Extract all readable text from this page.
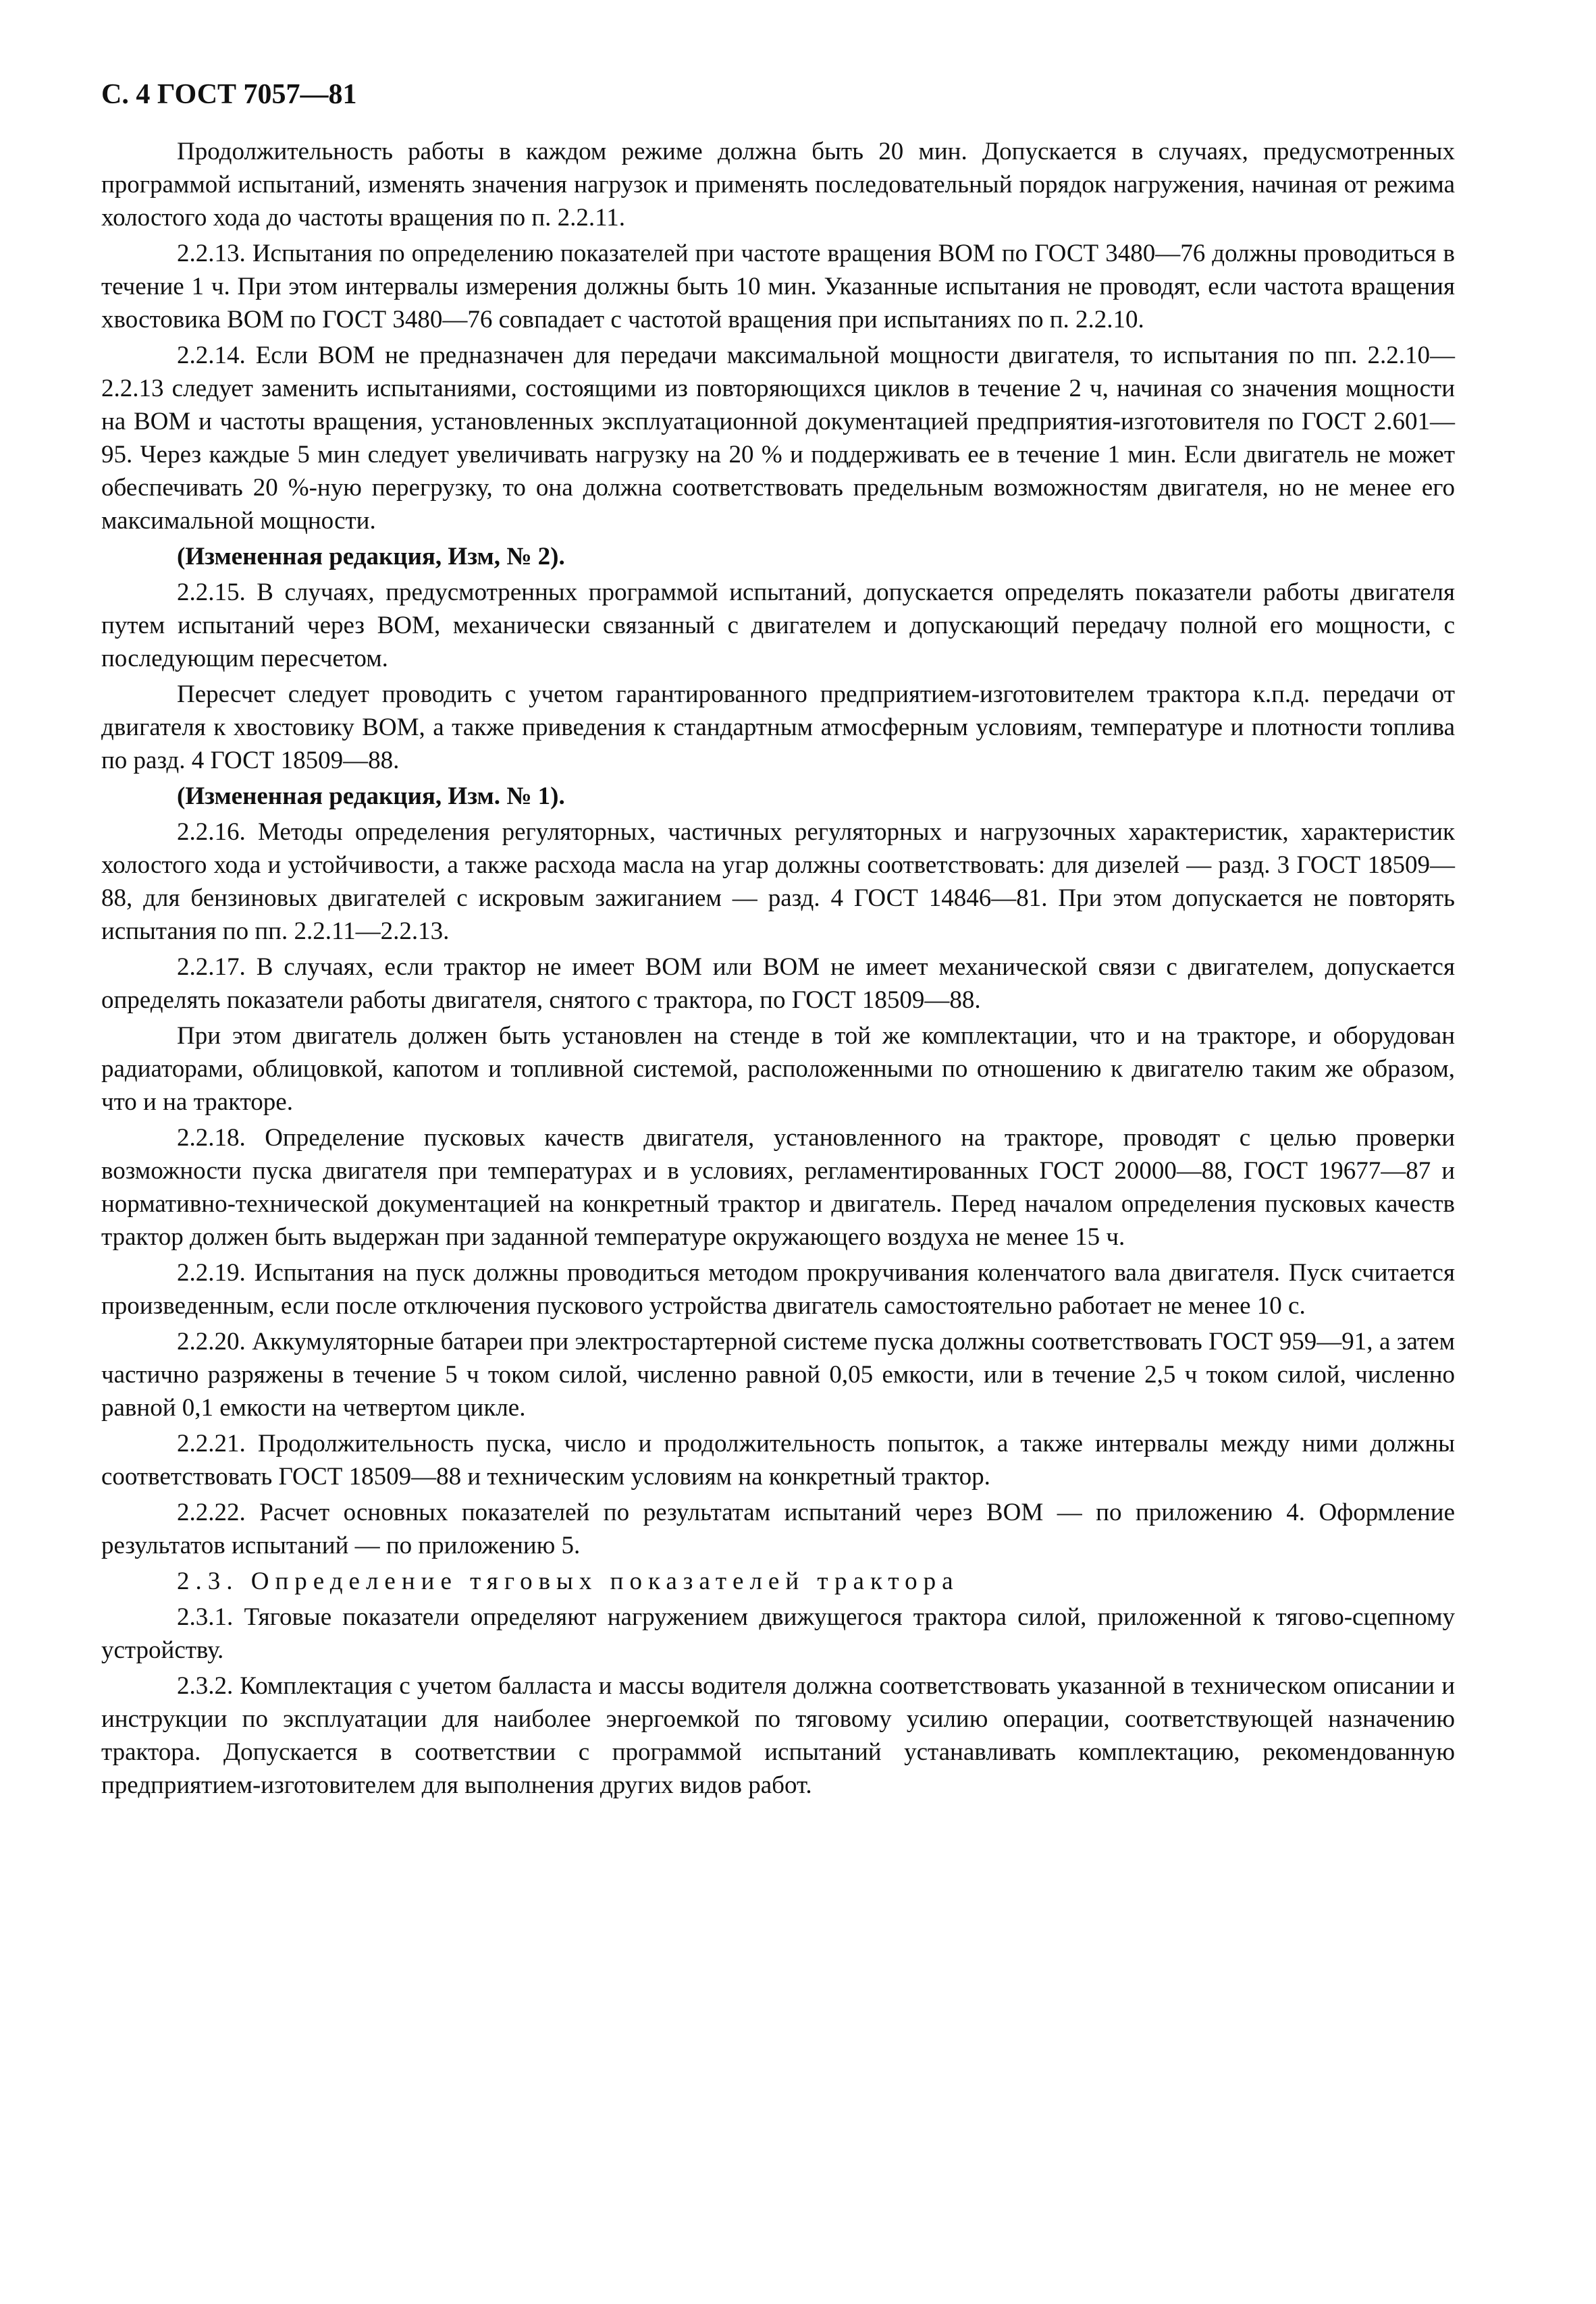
С. 4 ГОСТ 7057—81

Продолжительность работы в каждом режиме должна быть 20 мин. Допускается в случаях, предусмотренных программой испытаний, изменять значения нагрузок и применять последовательный порядок нагружения, начиная от режима холостого хода до частоты вращения по п. 2.2.11.

2.2.13. Испытания по определению показателей при частоте вращения ВОМ по ГОСТ 3480—76 должны проводиться в течение 1 ч. При этом интервалы измерения должны быть 10 мин. Указанные испытания не проводят, если частота вращения хвостовика ВОМ по ГОСТ 3480—76 совпадает с частотой вращения при испытаниях по п. 2.2.10.

2.2.14. Если ВОМ не предназначен для передачи максимальной мощности двигателя, то испытания по пп. 2.2.10—2.2.13 следует заменить испытаниями, состоящими из повторяющихся циклов в течение 2 ч, начиная со значения мощности на ВОМ и частоты вращения, установленных эксплуатационной документацией предприятия-изготовителя по ГОСТ 2.601—95. Через каждые 5 мин следует увеличивать нагрузку на 20 % и поддерживать ее в течение 1 мин. Если двигатель не может обеспечивать 20 %-ную перегрузку, то она должна соответствовать предельным возможностям двигателя, но не менее его максимальной мощности.

(Измененная редакция, Изм, № 2).

2.2.15. В случаях, предусмотренных программой испытаний, допускается определять показатели работы двигателя путем испытаний через ВОМ, механически связанный с двигателем и допускающий передачу полной его мощности, с последующим пересчетом.

Пересчет следует проводить с учетом гарантированного предприятием-изготовителем трактора к.п.д. передачи от двигателя к хвостовику ВОМ, а также приведения к стандартным атмосферным условиям, температуре и плотности топлива по разд. 4 ГОСТ 18509—88.

(Измененная редакция, Изм. № 1).

2.2.16. Методы определения регуляторных, частичных регуляторных и нагрузочных характеристик, характеристик холостого хода и устойчивости, а также расхода масла на угар должны соответствовать: для дизелей — разд. 3 ГОСТ 18509—88, для бензиновых двигателей с искровым зажиганием — разд. 4 ГОСТ 14846—81. При этом допускается не повторять испытания по пп. 2.2.11—2.2.13.

2.2.17. В случаях, если трактор не имеет ВОМ или ВОМ не имеет механической связи с двигателем, допускается определять показатели работы двигателя, снятого с трактора, по ГОСТ 18509—88.

При этом двигатель должен быть установлен на стенде в той же комплектации, что и на тракторе, и оборудован радиаторами, облицовкой, капотом и топливной системой, расположенными по отношению к двигателю таким же образом, что и на тракторе.

2.2.18. Определение пусковых качеств двигателя, установленного на тракторе, проводят с целью проверки возможности пуска двигателя при температурах и в условиях, регламентированных ГОСТ 20000—88, ГОСТ 19677—87 и нормативно-технической документацией на конкретный трактор и двигатель. Перед началом определения пусковых качеств трактор должен быть выдержан при заданной температуре окружающего воздуха не менее 15 ч.

2.2.19. Испытания на пуск должны проводиться методом прокручивания коленчатого вала двигателя. Пуск считается произведенным, если после отключения пускового устройства двигатель самостоятельно работает не менее 10 с.

2.2.20. Аккумуляторные батареи при электростартерной системе пуска должны соответствовать ГОСТ 959—91, а затем частично разряжены в течение 5 ч током силой, численно равной 0,05 емкости, или в течение 2,5 ч током силой, численно равной 0,1 емкости на четвертом цикле.

2.2.21. Продолжительность пуска, число и продолжительность попыток, а также интервалы между ними должны соответствовать ГОСТ 18509—88 и техническим условиям на конкретный трактор.

2.2.22. Расчет основных показателей по результатам испытаний через ВОМ — по приложению 4. Оформление результатов испытаний — по приложению 5.

2.3. Определение тяговых показателей трактора

2.3.1. Тяговые показатели определяют нагружением движущегося трактора силой, приложенной к тягово-сцепному устройству.

2.3.2. Комплектация с учетом балласта и массы водителя должна соответствовать указанной в техническом описании и инструкции по эксплуатации для наиболее энергоемкой по тяговому усилию операции, соответствующей назначению трактора. Допускается в соответствии с программой испытаний устанавливать комплектацию, рекомендованную предприятием-изготовителем для выполнения других видов работ.
